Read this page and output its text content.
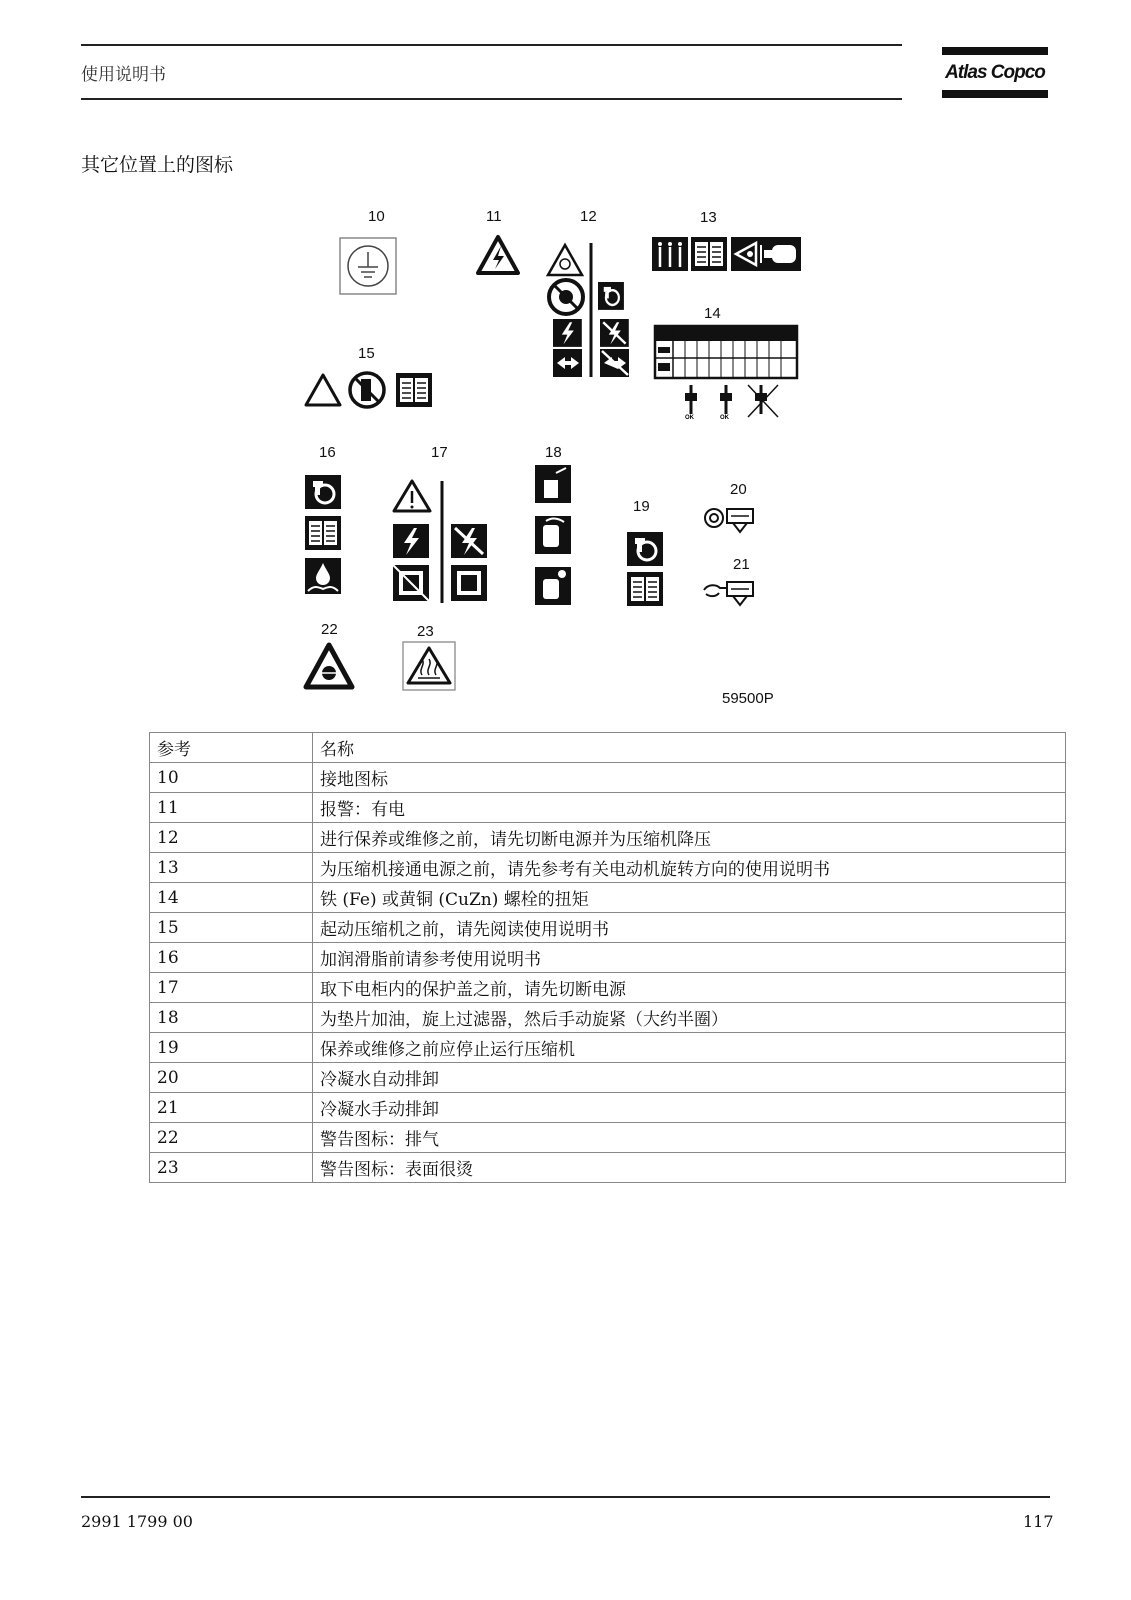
使用说明书	Atlas Copco
其它位置上的图标
10	11	12	13
14
15
16	17	18
19
20
21
22	23
59500P
OK	OK
参考	名称
10	接地图标
11	报警：有电
12	进行保养或维修之前，请先切断电源并为压缩机降压
13	为压缩机接通电源之前，请先参考有关电动机旋转方向的使用说明书
14	铁 (Fe) 或黄铜 (CuZn) 螺栓的扭矩
15	起动压缩机之前，请先阅读使用说明书
16	加润滑脂前请参考使用说明书
17	取下电柜内的保护盖之前，请先切断电源
18	为垫片加油，旋上过滤器，然后手动旋紧（大约半圈）
19	保养或维修之前应停止运行压缩机
20	冷凝水自动排卸
21	冷凝水手动排卸
22	警告图标：排气
23	警告图标：表面很烫
2991 1799 00	117
